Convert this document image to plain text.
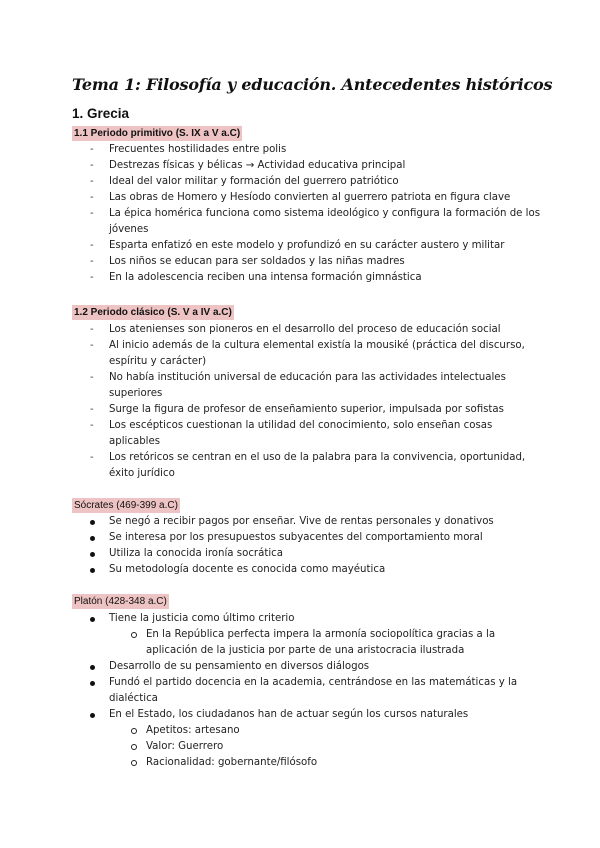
Tema 1: Filosofía y educación. Antecedentes históricos
1. Grecia
1.1 Periodo primitivo (S. IX a V a.C)
- Frecuentes hostilidades entre polis
- Destrezas físicas y bélicas → Actividad educativa principal
- Ideal del valor militar y formación del guerrero patriótico
- Las obras de Homero y Hesíodo convierten al guerrero patriota en figura clave
- La épica homérica funciona como sistema ideológico y configura la formación de los
jóvenes
- Esparta enfatizó en este modelo y profundizó en su carácter austero y militar
- Los niños se educan para ser soldados y las niñas madres
- En la adolescencia reciben una intensa formación gimnástica
1.2 Periodo clásico (S. V a IV a.C)
- Los atenienses son pioneros en el desarrollo del proceso de educación social
- Al inicio además de la cultura elemental existía la mousiké (práctica del discurso,
espíritu y carácter)
- No había institución universal de educación para las actividades intelectuales
superiores
- Surge la figura de profesor de enseñamiento superior, impulsada por sofistas
- Los escépticos cuestionan la utilidad del conocimiento, solo enseñan cosas
aplicables
- Los retóricos se centran en el uso de la palabra para la convivencia, oportunidad,
éxito jurídico
Sócrates (469-399 a.C)
Se negó a recibir pagos por enseñar. Vive de rentas personales y donativos
Se interesa por los presupuestos subyacentes del comportamiento moral
Utiliza la conocida ironía socrática
Su metodología docente es conocida como mayéutica
Platón (428-348 a.C)
Tiene la justicia como último criterio
En la República perfecta impera la armonía sociopolítica gracias a la
aplicación de la justicia por parte de una aristocracia ilustrada
Desarrollo de su pensamiento en diversos diálogos
Fundó el partido docencia en la academia, centrándose en las matemáticas y la
dialéctica
En el Estado, los ciudadanos han de actuar según los cursos naturales
Apetitos: artesano
Valor: Guerrero
Racionalidad: gobernante/filósofo
